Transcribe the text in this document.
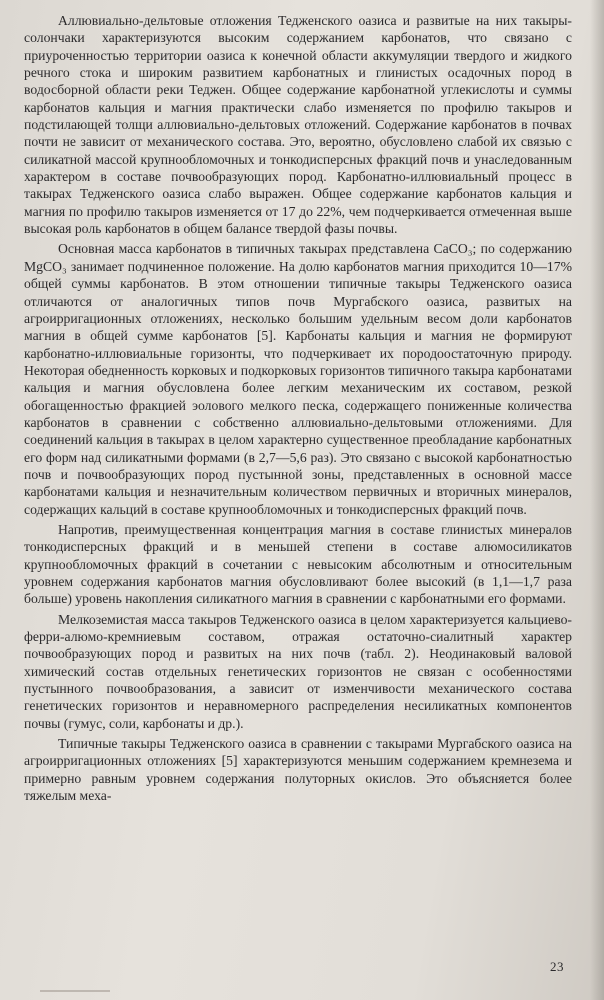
Аллювиально-дельтовые отложения Тедженского оазиса и развитые на них такыры-солончаки характеризуются высоким содержанием карбонатов, что связано с приуроченностью территории оазиса к конечной области аккумуляции твердого и жидкого речного стока и широким развитием карбонатных и глинистых осадочных пород в водосборной области реки Теджен. Общее содержание карбонатной углекислоты и суммы карбонатов кальция и магния практически слабо изменяется по профилю такыров и подстилающей толщи аллювиально-дельтовых отложений. Содержание карбонатов в почвах почти не зависит от механического состава. Это, вероятно, обусловлено слабой их связью с силикатной массой крупнообломочных и тонкодисперсных фракций почв и унаследованным характером в составе почвообразующих пород. Карбонатно-иллювиальный процесс в такырах Тедженского оазиса слабо выражен. Общее содержание карбонатов кальция и магния по профилю такыров изменяется от 17 до 22%, чем подчеркивается отмеченная выше высокая роль карбонатов в общем балансе твердой фазы почвы.

Основная масса карбонатов в типичных такырах представлена CaCO₃; по содержанию MgCO₃ занимает подчиненное положение. На долю карбонатов магния приходится 10—17% общей суммы карбонатов. В этом отношении типичные такыры Тедженского оазиса отличаются от аналогичных типов почв Мургабского оазиса, развитых на агроирригационных отложениях, несколько большим удельным весом доли карбонатов магния в общей сумме карбонатов [5]. Карбонаты кальция и магния не формируют карбонатно-иллювиальные горизонты, что подчеркивает их породоостаточную природу. Некоторая обедненность корковых и подкорковых горизонтов типичного такыра карбонатами кальция и магния обусловлена более легким механическим их составом, резкой обогащенностью фракцией эолового мелкого песка, содержащего пониженные количества карбонатов в сравнении с собственно аллювиально-дельтовыми отложениями. Для соединений кальция в такырах в целом характерно существенное преобладание карбонатных его форм над силикатными формами (в 2,7—5,6 раз). Это связано с высокой карбонатностью почв и почвообразующих пород пустынной зоны, представленных в основной массе карбонатами кальция и незначительным количеством первичных и вторичных минералов, содержащих кальций в составе крупнообломочных и тонкодисперсных фракций почв.

Напротив, преимущественная концентрация магния в составе глинистых минералов тонкодисперсных фракций и в меньшей степени в составе алюмосиликатов крупнообломочных фракций в сочетании с невысоким абсолютным и относительным уровнем содержания карбонатов магния обусловливают более высокий (в 1,1—1,7 раза больше) уровень накопления силикатного магния в сравнении с карбонатными его формами.

Мелкоземистая масса такыров Тедженского оазиса в целом характеризуется кальциево-ферри-алюмо-кремниевым составом, отражая остаточно-сиалитный характер почвообразующих пород и развитых на них почв (табл. 2). Неодинаковый валовой химический состав отдельных генетических горизонтов не связан с особенностями пустынного почвообразования, а зависит от изменчивости механического состава генетических горизонтов и неравномерного распределения несиликатных компонентов почвы (гумус, соли, карбонаты и др.).

Типичные такыры Тедженского оазиса в сравнении с такырами Мургабского оазиса на агроирригационных отложениях [5] характеризуются меньшим содержанием кремнезема и примерно равным уровнем содержания полуторных окислов. Это объясняется более тяжелым меха-

23
